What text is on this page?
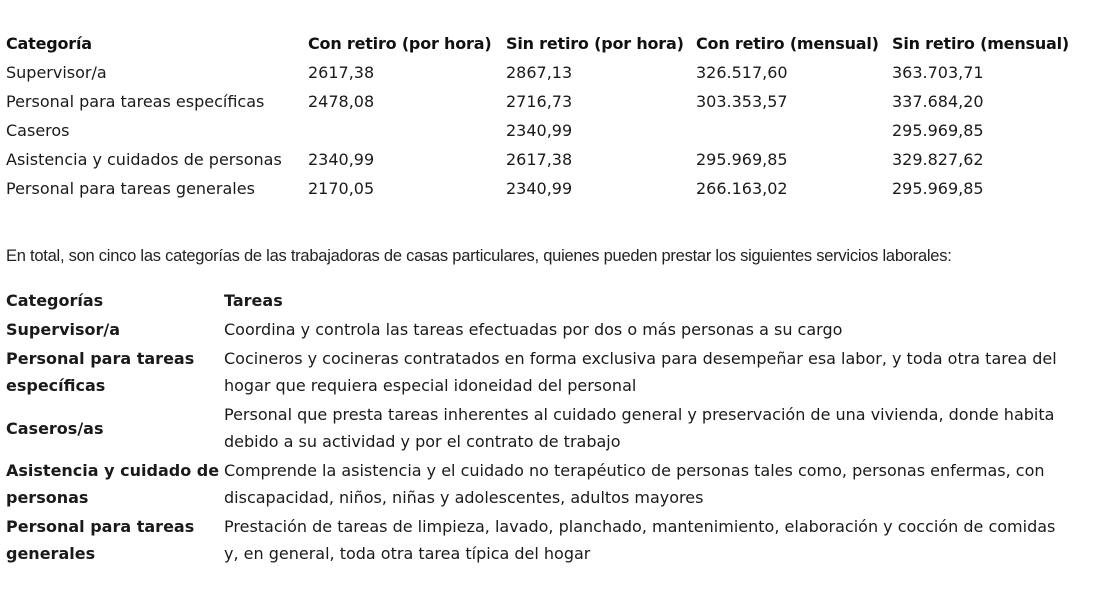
Categoría	Con retiro (por hora)	Sin retiro (por hora)	Con retiro (mensual)	Sin retiro (mensual)
Supervisor/a	2617,38	2867,13	326.517,60	363.703,71
Personal para tareas específicas	2478,08	2716,73	303.353,57	337.684,20
Caseros		2340,99		295.969,85
Asistencia y cuidados de personas	2340,99	2617,38	295.969,85	329.827,62
Personal para tareas generales	2170,05	2340,99	266.163,02	295.969,85

En total, son cinco las categorías de las trabajadoras de casas particulares, quienes pueden prestar los siguientes servicios laborales:

Categorías	Tareas
Supervisor/a	Coordina y controla las tareas efectuadas por dos o más personas a su cargo
Personal para tareas específicas	Cocineros y cocineras contratados en forma exclusiva para desempeñar esa labor, y toda otra tarea del hogar que requiera especial idoneidad del personal
Caseros/as	Personal que presta tareas inherentes al cuidado general y preservación de una vivienda, donde habita debido a su actividad y por el contrato de trabajo
Asistencia y cuidado de personas	Comprende la asistencia y el cuidado no terapéutico de personas tales como, personas enfermas, con discapacidad, niños, niñas y adolescentes, adultos mayores
Personal para tareas generales	Prestación de tareas de limpieza, lavado, planchado, mantenimiento, elaboración y cocción de comidas y, en general, toda otra tarea típica del hogar
